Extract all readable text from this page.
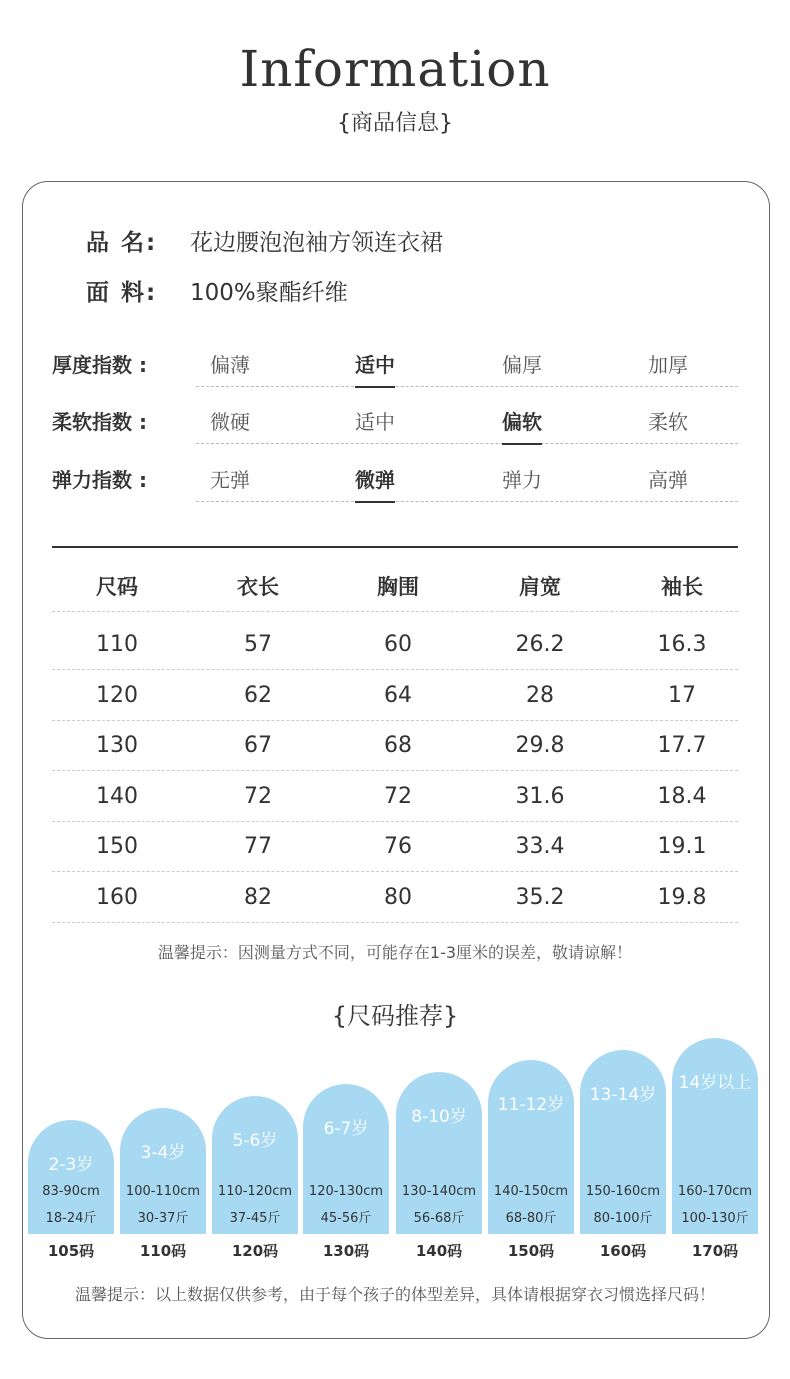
Information
{商品信息}
品 名: 花边腰泡泡袖方领连衣裙
面 料: 100%聚酯纤维
厚度指数 :	偏薄	适中	偏厚	加厚
柔软指数 :	微硬	适中	偏软	柔软
弹力指数 :	无弹	微弹	弹力	高弹
尺码	衣长	胸围	肩宽	袖长
110	57	60	26.2	16.3
120	62	64	28	17
130	67	68	29.8	17.7
140	72	72	31.6	18.4
150	77	76	33.4	19.1
160	82	80	35.2	19.8
温馨提示：因测量方式不同，可能存在1-3厘米的误差，敬请谅解！
{尺码推荐}
2-3岁
83-90cm
18-24斤
105码
3-4岁
100-110cm
30-37斤
110码
5-6岁
110-120cm
37-45斤
120码
6-7岁
120-130cm
45-56斤
130码
8-10岁
130-140cm
56-68斤
140码
11-12岁
140-150cm
68-80斤
150码
13-14岁
150-160cm
80-100斤
160码
14岁以上
160-170cm
100-130斤
170码
温馨提示：以上数据仅供参考，由于每个孩子的体型差异，具体请根据穿衣习惯选择尺码！
